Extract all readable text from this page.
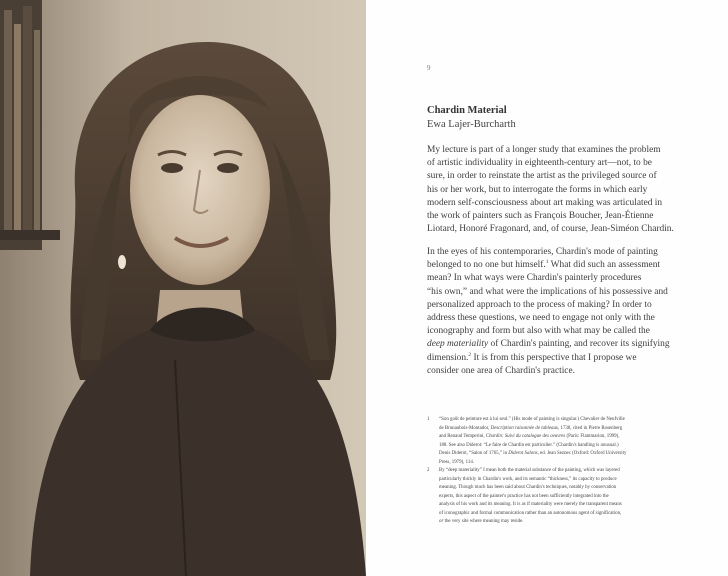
9
Chardin Material
Ewa Lajer-Burcharth

My lecture is part of a longer study that examines the problem
of artistic individuality in eighteenth-century art—not, to be
sure, in order to reinstate the artist as the privileged source of
his or her work, but to interrogate the forms in which early
modern self-consciousness about art making was articulated in
the work of painters such as François Boucher, Jean-Étienne
Liotard, Honoré Fragonard, and, of course, Jean-Siméon Chardin.

In the eyes of his contemporaries, Chardin's mode of painting
belonged to no one but himself.$^1$ What did such an assessment
mean? In what ways were Chardin's painterly procedures
“his own,” and what were the implications of his possessive and
personalized approach to the process of making? In order to
address these questions, we need to engage not only with the
iconography and form but also with what may be called the
deep materiality of Chardin's painting, and recover its signifying
dimension.$^2$ It is from this perspective that I propose we
consider one area of Chardin's practice.

1 “Son goût de peinture est à lui seul.” (His mode of painting is singular.) Chevalier de Neufville
de Brunaubois-Montador, Description raisonnée de tableaux, 1738, cited in Pierre Rosenberg
and Renaud Temperini, Chardin: Suivi du catalogue des oeuvres (Paris: Flammarion, 1999),
188. See also Diderot: “Le faire de Chardin est particulier.” (Chardin's handling is unusual.)
Denis Diderot, “Salon of 1765,” in Diderot Salons, ed. Jean Seznec (Oxford: Oxford University
Press, 1979), 114.
2 By “deep materiality” I mean both the material substance of the painting, which was layered
particularly thickly in Chardin's work, and its semantic “thickness,” its capacity to produce
meaning. Though much has been said about Chardin's techniques, notably by conservation
experts, this aspect of the painter's practice has not been sufficiently integrated into the
analysis of his work and its meaning. It is as if materiality were merely the transparent means
of iconographic and formal communication rather than an autonomous agent of signification,
or the very site where meaning may reside.
